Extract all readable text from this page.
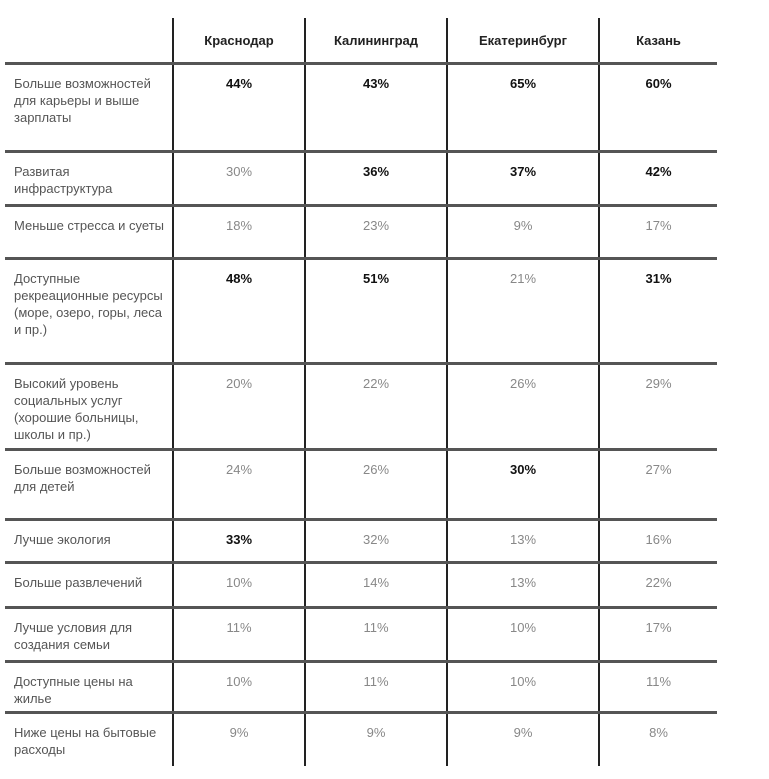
	Краснодар	Калининград	Екатеринбург	Казань
Больше возможностей для карьеры и выше зарплаты	44%	43%	65%	60%
Развитая инфраструктура	30%	36%	37%	42%
Меньше стресса и суеты	18%	23%	9%	17%
Доступные рекреационные ресурсы (море, озеро, горы, леса и пр.)	48%	51%	21%	31%
Высокий уровень социальных услуг (хорошие больницы, школы и пр.)	20%	22%	26%	29%
Больше возможностей для детей	24%	26%	30%	27%
Лучше экология	33%	32%	13%	16%
Больше развлечений	10%	14%	13%	22%
Лучше условия для создания семьи	11%	11%	10%	17%
Доступные цены на жилье	10%	11%	10%	11%
Ниже цены на бытовые расходы	9%	9%	9%	8%
